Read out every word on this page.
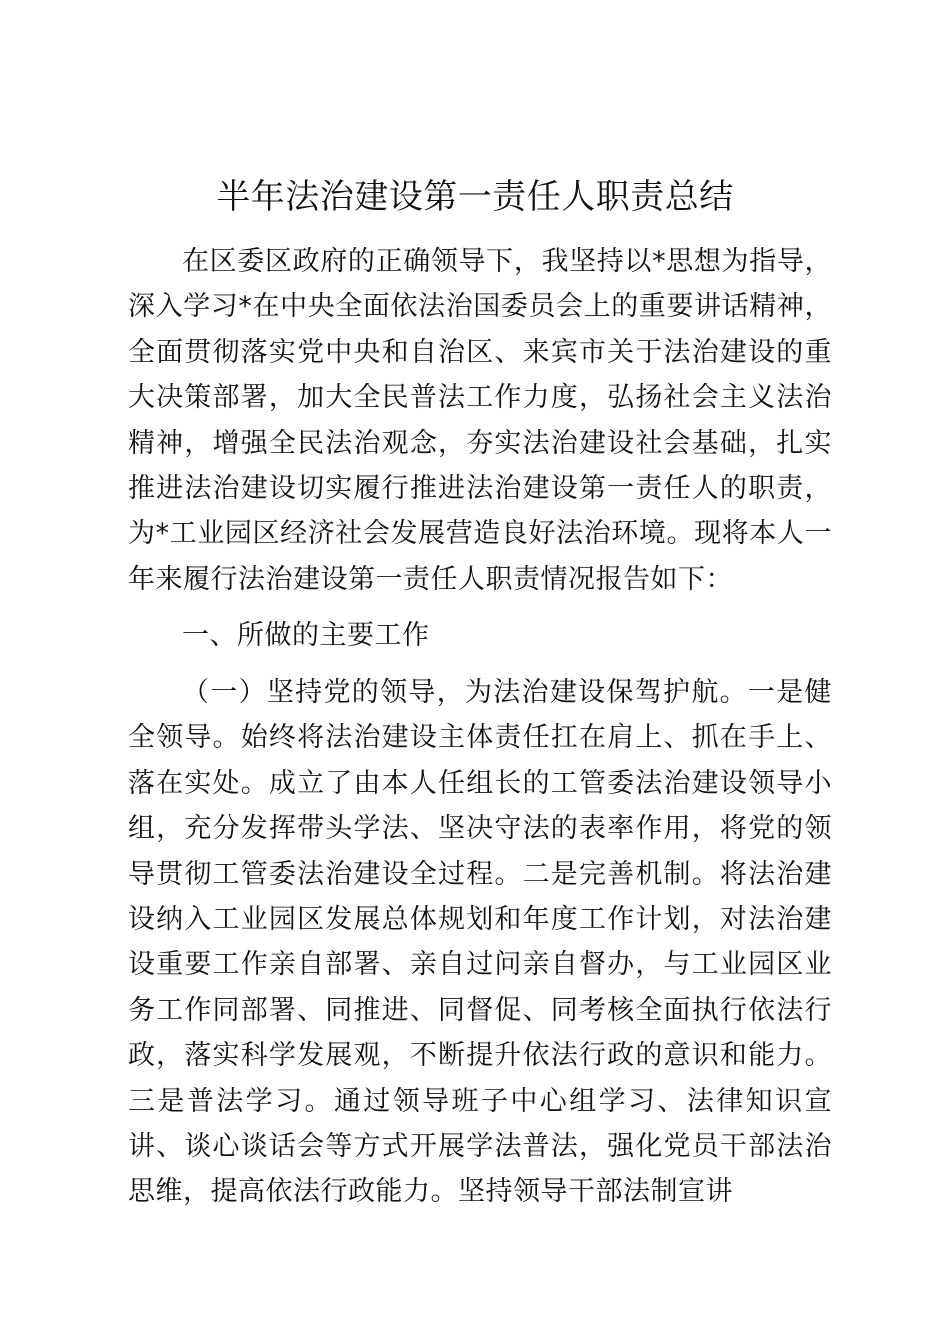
半年法治建设第一责任人职责总结

在区委区政府的正确领导下，我坚持以*思想为指导，深入学习*在中央全面依法治国委员会上的重要讲话精神，全面贯彻落实党中央和自治区、来宾市关于法治建设的重大决策部署，加大全民普法工作力度，弘扬社会主义法治精神，增强全民法治观念，夯实法治建设社会基础，扎实推进法治建设切实履行推进法治建设第一责任人的职责，为*工业园区经济社会发展营造良好法治环境。现将本人一年来履行法治建设第一责任人职责情况报告如下：

一、所做的主要工作

（一）坚持党的领导，为法治建设保驾护航。一是健全领导。始终将法治建设主体责任扛在肩上、抓在手上、落在实处。成立了由本人任组长的工管委法治建设领导小组，充分发挥带头学法、坚决守法的表率作用，将党的领导贯彻工管委法治建设全过程。二是完善机制。将法治建设纳入工业园区发展总体规划和年度工作计划，对法治建设重要工作亲自部署、亲自过问亲自督办，与工业园区业务工作同部署、同推进、同督促、同考核全面执行依法行政，落实科学发展观，不断提升依法行政的意识和能力。三是普法学习。通过领导班子中心组学习、法律知识宣讲、谈心谈话会等方式开展学法普法，强化党员干部法治思维，提高依法行政能力。坚持领导干部法制宣讲
